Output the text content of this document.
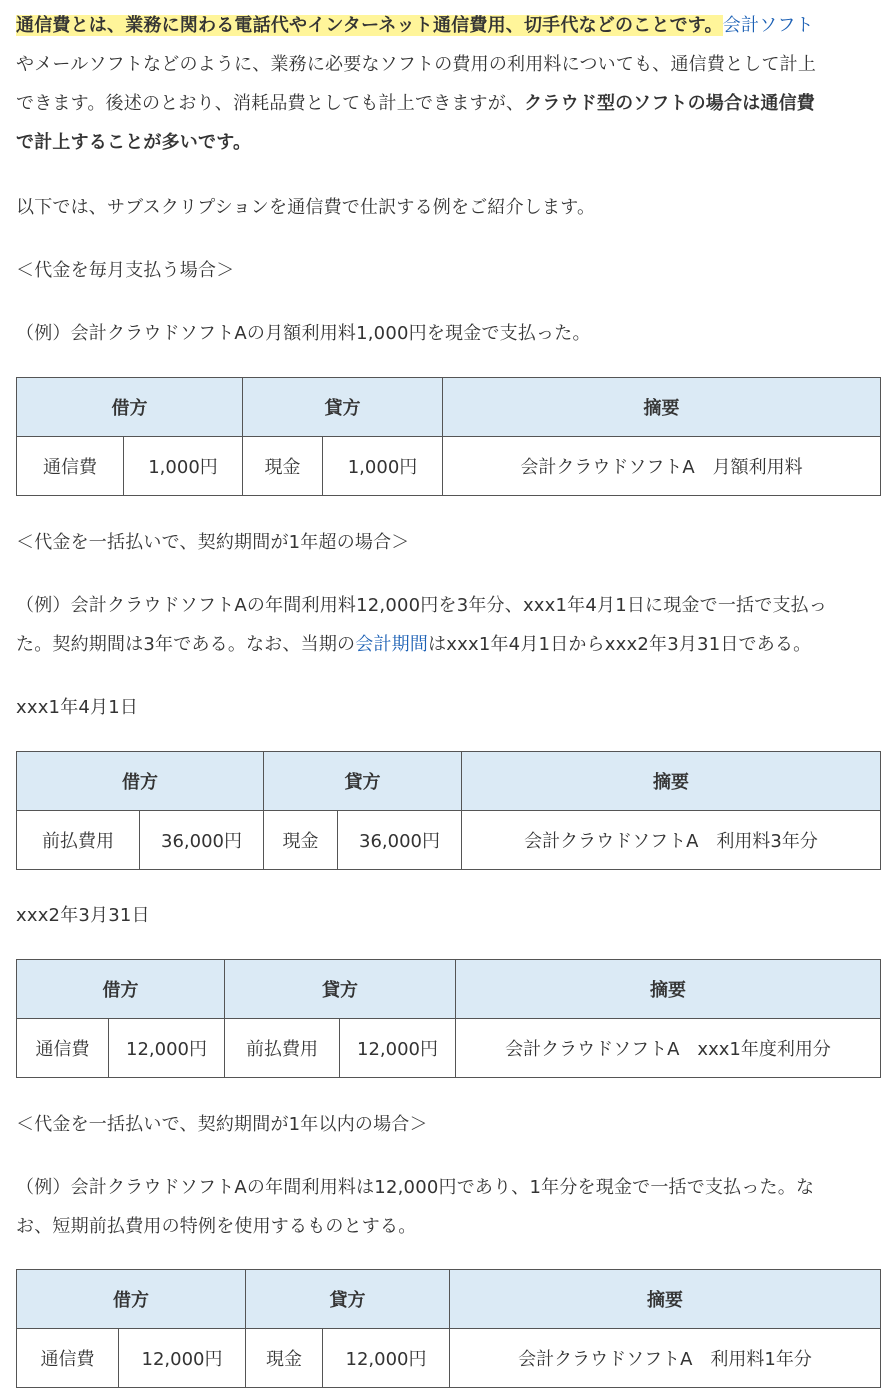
通信費とは、業務に関わる電話代やインターネット通信費用、切手代などのことです。会計ソフト
やメールソフトなどのように、業務に必要なソフトの費用の利用料についても、通信費として計上
できます。後述のとおり、消耗品費としても計上できますが、クラウド型のソフトの場合は通信費
で計上することが多いです。

以下では、サブスクリプションを通信費で仕訳する例をご紹介します。

＜代金を毎月支払う場合＞

（例）会計クラウドソフトAの月額利用料1,000円を現金で支払った。

借方		貸方		摘要
通信費	1,000円	現金	1,000円	会計クラウドソフトA　月額利用料

＜代金を一括払いで、契約期間が1年超の場合＞

（例）会計クラウドソフトAの年間利用料12,000円を3年分、xxx1年4月1日に現金で一括で支払っ
た。契約期間は3年である。なお、当期の会計期間はxxx1年4月1日からxxx2年3月31日である。

xxx1年4月1日

借方		貸方		摘要
前払費用	36,000円	現金	36,000円	会計クラウドソフトA　利用料3年分

xxx2年3月31日

借方		貸方		摘要
通信費	12,000円	前払費用	12,000円	会計クラウドソフトA　xxx1年度利用分

＜代金を一括払いで、契約期間が1年以内の場合＞

（例）会計クラウドソフトAの年間利用料は12,000円であり、1年分を現金で一括で支払った。な
お、短期前払費用の特例を使用するものとする。

借方		貸方		摘要
通信費	12,000円	現金	12,000円	会計クラウドソフトA　利用料1年分
